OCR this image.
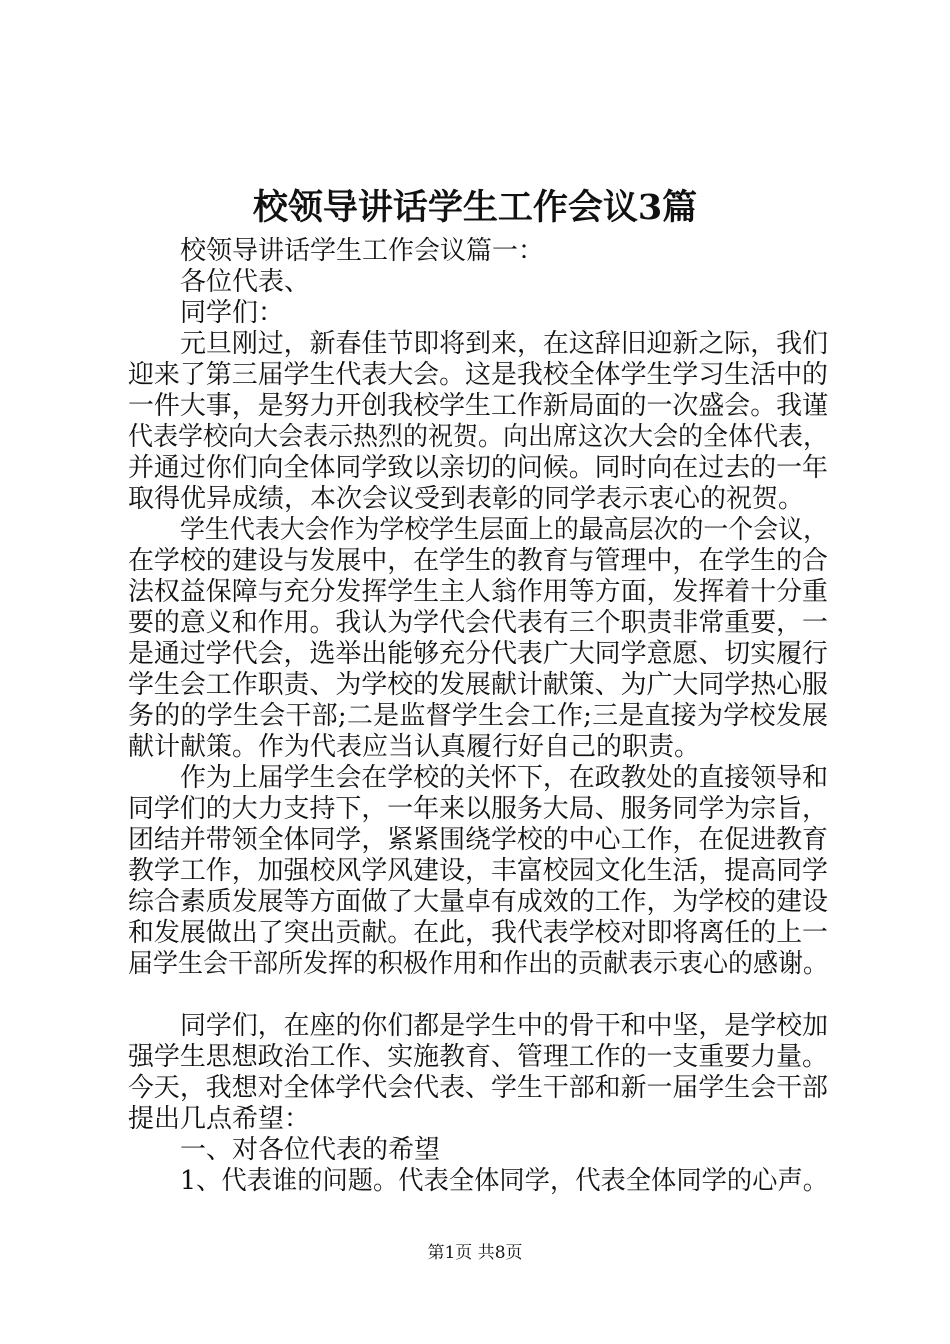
校领导讲话学生工作会议3篇
校领导讲话学生工作会议篇一：
各位代表、
同学们：
元旦刚过，新春佳节即将到来，在这辞旧迎新之际，我们
迎来了第三届学生代表大会。这是我校全体学生学习生活中的
一件大事，是努力开创我校学生工作新局面的一次盛会。我谨
代表学校向大会表示热烈的祝贺。向出席这次大会的全体代表，
并通过你们向全体同学致以亲切的问候。同时向在过去的一年
取得优异成绩，本次会议受到表彰的同学表示衷心的祝贺。
学生代表大会作为学校学生层面上的最高层次的一个会议，
在学校的建设与发展中，在学生的教育与管理中，在学生的合
法权益保障与充分发挥学生主人翁作用等方面，发挥着十分重
要的意义和作用。我认为学代会代表有三个职责非常重要，一
是通过学代会，选举出能够充分代表广大同学意愿、切实履行
学生会工作职责、为学校的发展献计献策、为广大同学热心服
务的的学生会干部;二是监督学生会工作;三是直接为学校发展
献计献策。作为代表应当认真履行好自己的职责。
作为上届学生会在学校的关怀下，在政教处的直接领导和
同学们的大力支持下，一年来以服务大局、服务同学为宗旨，
团结并带领全体同学，紧紧围绕学校的中心工作，在促进教育
教学工作，加强校风学风建设，丰富校园文化生活，提高同学
综合素质发展等方面做了大量卓有成效的工作，为学校的建设
和发展做出了突出贡献。在此，我代表学校对即将离任的上一
届学生会干部所发挥的积极作用和作出的贡献表示衷心的感谢。
同学们，在座的你们都是学生中的骨干和中坚，是学校加
强学生思想政治工作、实施教育、管理工作的一支重要力量。
今天，我想对全体学代会代表、学生干部和新一届学生会干部
提出几点希望：
一、对各位代表的希望
1、代表谁的问题。代表全体同学，代表全体同学的心声。
第1页 共8页
